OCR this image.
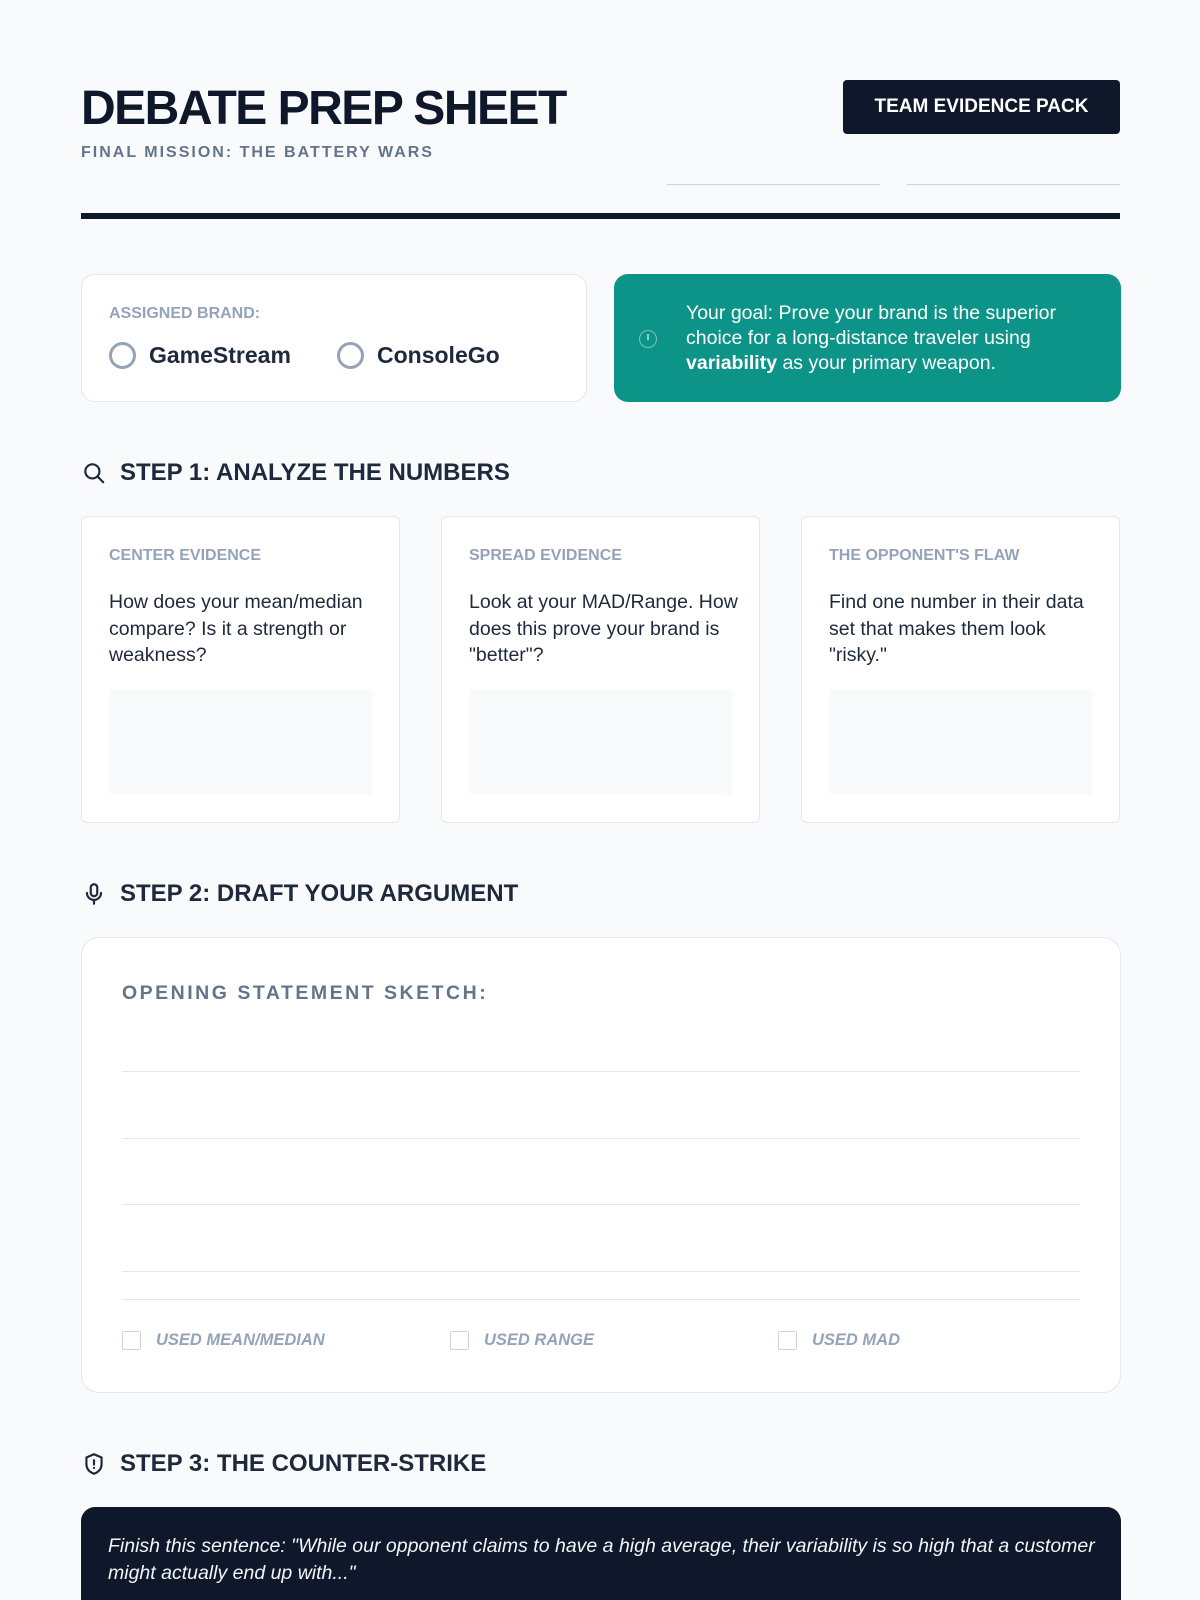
DEBATE PREP SHEET
FINAL MISSION: THE BATTERY WARS
TEAM EVIDENCE PACK
ASSIGNED BRAND:
GameStream	ConsoleGo
Your goal: Prove your brand is the superior choice for a long-distance traveler using variability as your primary weapon.
STEP 1: ANALYZE THE NUMBERS
CENTER EVIDENCE
How does your mean/median compare? Is it a strength or weakness?
SPREAD EVIDENCE
Look at your MAD/Range. How does this prove your brand is "better"?
THE OPPONENT'S FLAW
Find one number in their data set that makes them look "risky."
STEP 2: DRAFT YOUR ARGUMENT
OPENING STATEMENT SKETCH:
USED MEAN/MEDIAN	USED RANGE	USED MAD
STEP 3: THE COUNTER-STRIKE
Finish this sentence: "While our opponent claims to have a high average, their variability is so high that a customer might actually end up with..."
